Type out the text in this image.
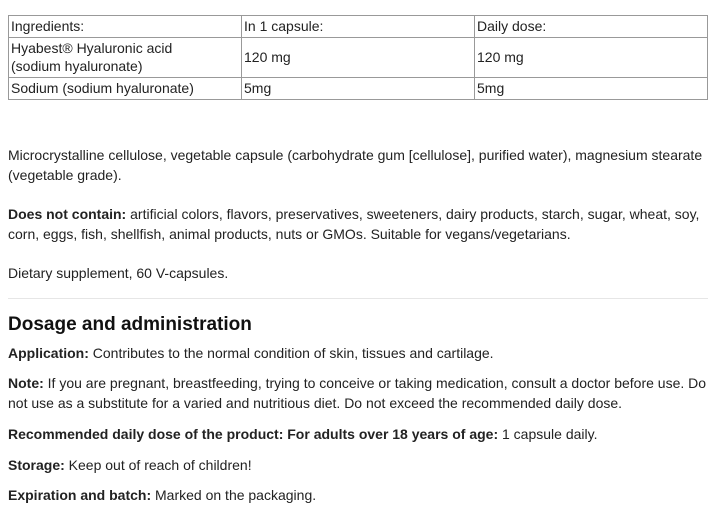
Ingredients:	In 1 capsule:	Daily dose:
Hyabest® Hyaluronic acid
(sodium hyaluronate)	120 mg	120 mg
Sodium (sodium hyaluronate)	5mg	5mg

Microcrystalline cellulose, vegetable capsule (carbohydrate gum [cellulose], purified water), magnesium stearate (vegetable grade).

Does not contain: artificial colors, flavors, preservatives, sweeteners, dairy products, starch, sugar, wheat, soy, corn, eggs, fish, shellfish, animal products, nuts or GMOs. Suitable for vegans/vegetarians.

Dietary supplement, 60 V-capsules.

Dosage and administration

Application: Contributes to the normal condition of skin, tissues and cartilage.

Note: If you are pregnant, breastfeeding, trying to conceive or taking medication, consult a doctor before use. Do not use as a substitute for a varied and nutritious diet. Do not exceed the recommended daily dose.

Recommended daily dose of the product: For adults over 18 years of age: 1 capsule daily.

Storage: Keep out of reach of children!

Expiration and batch: Marked on the packaging.
